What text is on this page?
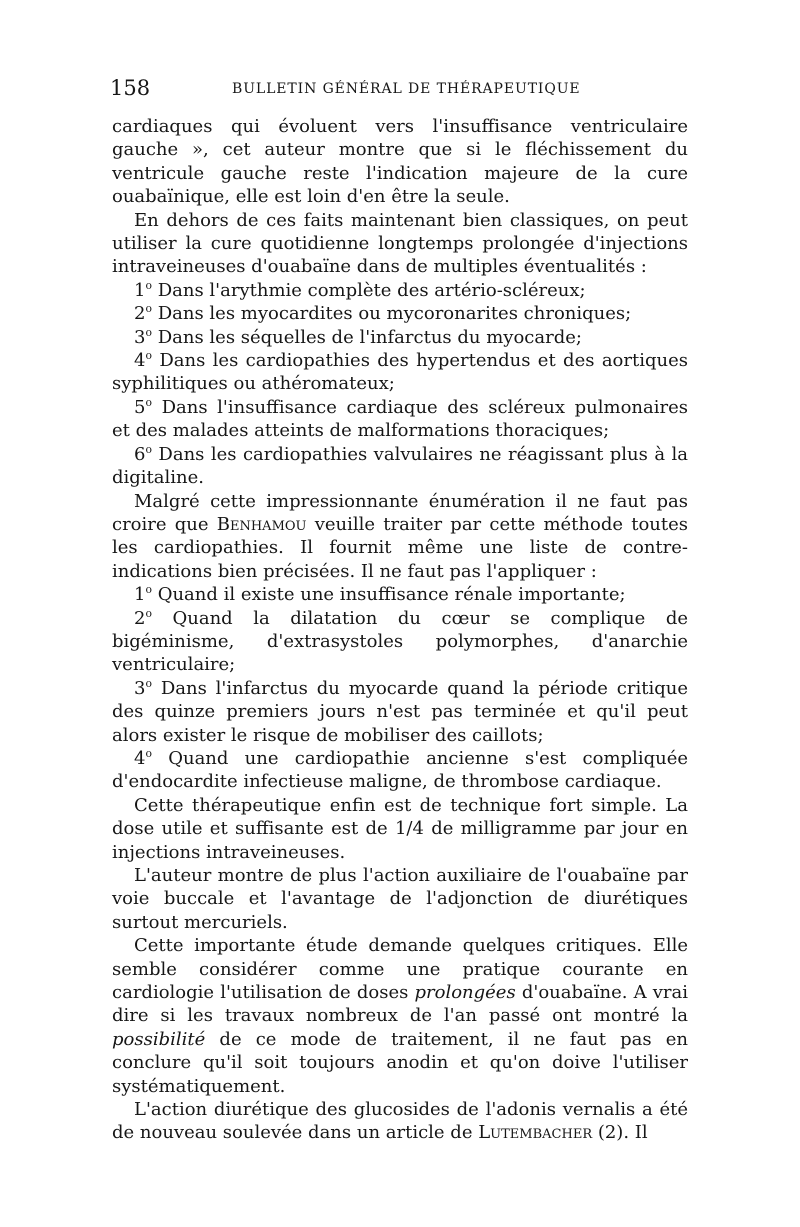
158	BULLETIN GÉNÉRAL DE THÉRAPEUTIQUE

cardiaques qui évoluent vers l'insuffisance ventriculaire gauche », cet auteur montre que si le fléchissement du ventricule gauche reste l'indication majeure de la cure ouabaïnique, elle est loin d'en être la seule.

En dehors de ces faits maintenant bien classiques, on peut utiliser la cure quotidienne longtemps prolongée d'injections intraveineuses d'ouabaïne dans de multiples éventualités :

1$^o$ Dans l'arythmie complète des artério-scléreux;

2$^o$ Dans les myocardites ou mycoronarites chroniques;

3$^o$ Dans les séquelles de l'infarctus du myocarde;

4$^o$ Dans les cardiopathies des hypertendus et des aortiques syphilitiques ou athéromateux;

5$^o$ Dans l'insuffisance cardiaque des scléreux pulmonaires et des malades atteints de malformations thoraciques;

6$^o$ Dans les cardiopathies valvulaires ne réagissant plus à la digitaline.

Malgré cette impressionnante énumération il ne faut pas croire que Benhamou veuille traiter par cette méthode toutes les cardiopathies. Il fournit même une liste de contre-indications bien précisées. Il ne faut pas l'appliquer :

1$^o$ Quand il existe une insuffisance rénale importante;

2$^o$ Quand la dilatation du cœur se complique de bigéminisme, d'extrasystoles polymorphes, d'anarchie ventriculaire;

3$^o$ Dans l'infarctus du myocarde quand la période critique des quinze premiers jours n'est pas terminée et qu'il peut alors exister le risque de mobiliser des caillots;

4$^o$ Quand une cardiopathie ancienne s'est compliquée d'endocardite infectieuse maligne, de thrombose cardiaque.

Cette thérapeutique enfin est de technique fort simple. La dose utile et suffisante est de 1/4 de milligramme par jour en injections intraveineuses.

L'auteur montre de plus l'action auxiliaire de l'ouabaïne par voie buccale et l'avantage de l'adjonction de diurétiques surtout mercuriels.

Cette importante étude demande quelques critiques. Elle semble considérer comme une pratique courante en cardiologie l'utilisation de doses prolongées d'ouabaïne. A vrai dire si les travaux nombreux de l'an passé ont montré la possibilité de ce mode de traitement, il ne faut pas en conclure qu'il soit toujours anodin et qu'on doive l'utiliser systématiquement.

L'action diurétique des glucosides de l'adonis vernalis a été de nouveau soulevée dans un article de Lutembacher (2). Il
